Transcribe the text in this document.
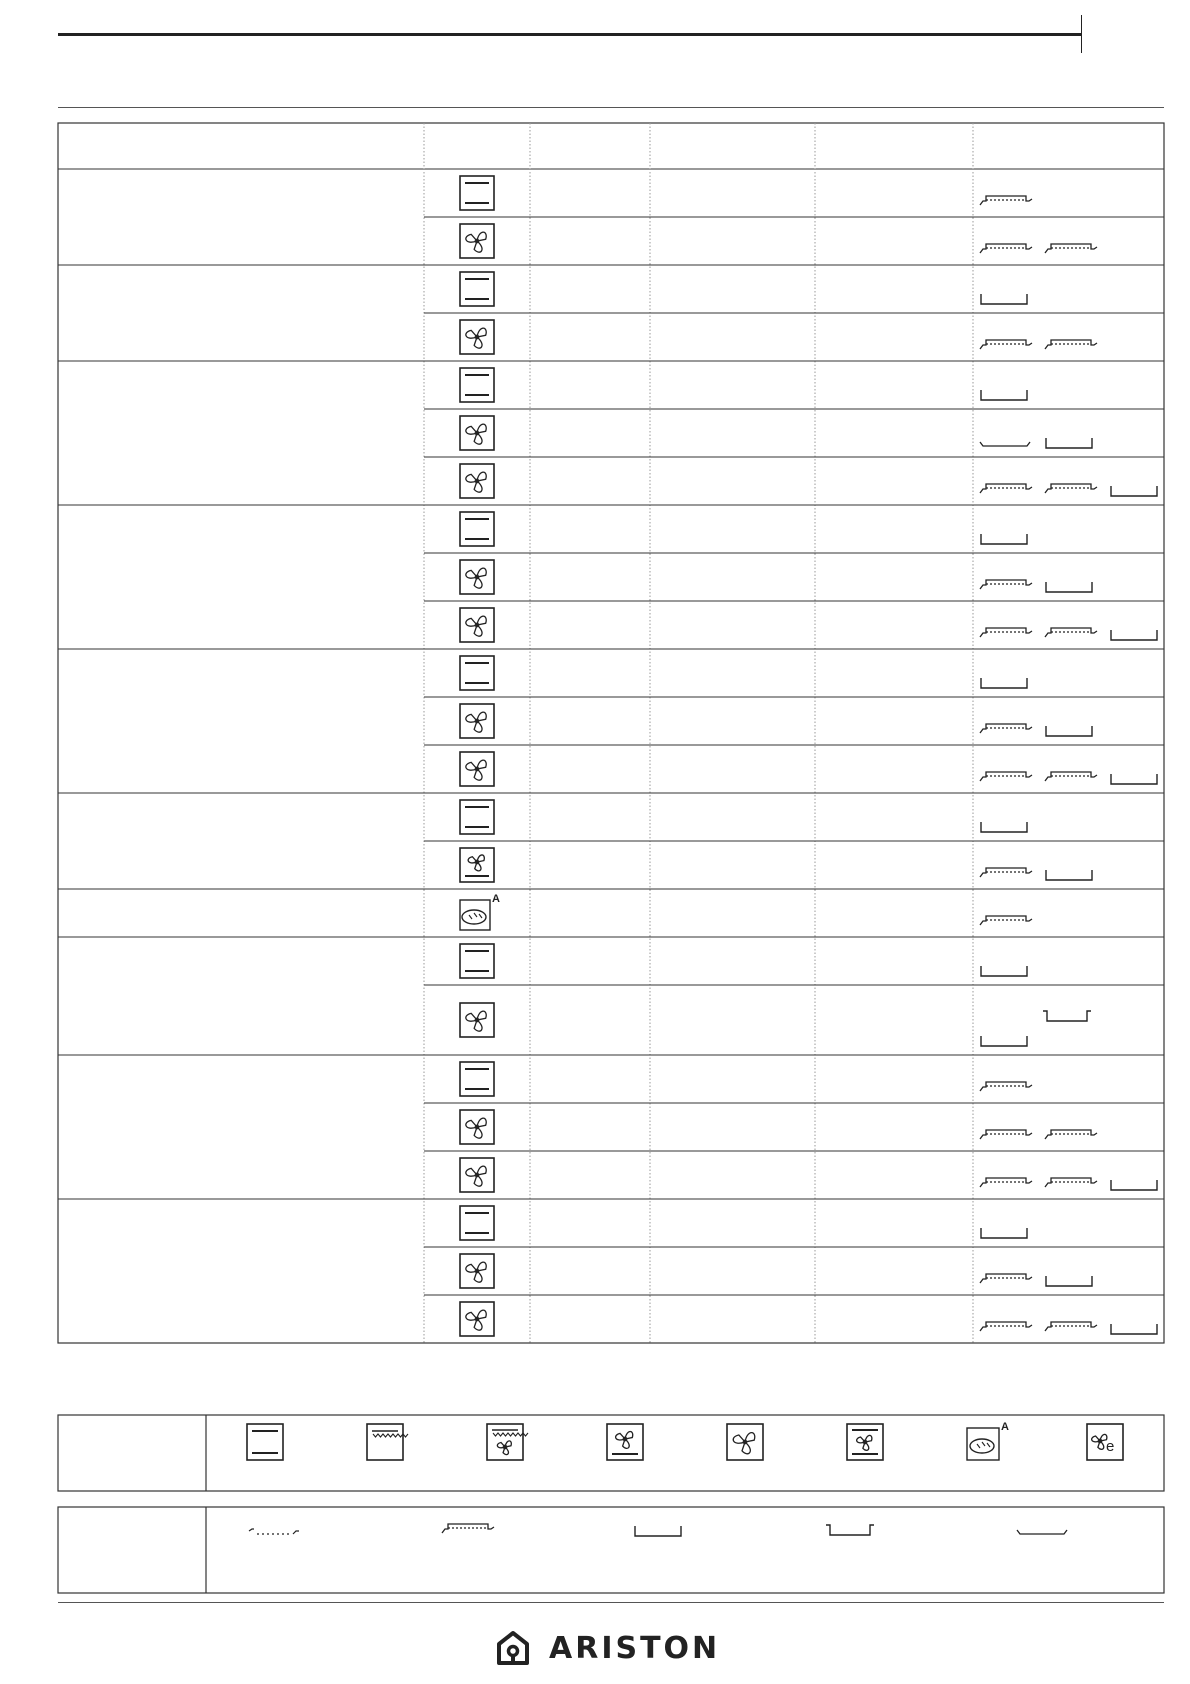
A
A
e
ARISTON
